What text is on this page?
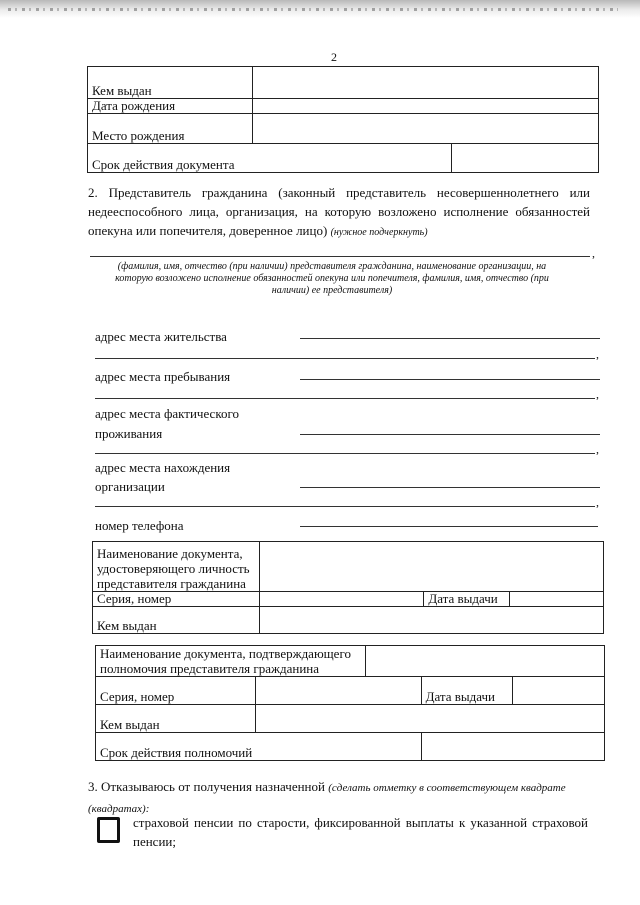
2
Кем выдан		
Дата рождения		
Место рождения		
Срок действия документа		
2. Представитель гражданина (законный представитель несовершеннолетнего или недееспособного лица, организация, на которую возложено исполнение обязанностей опекуна или попечителя, доверенное лицо) (нужное подчеркнуть)
,
(фамилия, имя, отчество (при наличии) представителя гражданина, наименование организации, на
которую возложено исполнение обязанностей опекуна или попечителя, фамилия, имя, отчество (при
наличии) ее представителя)
адрес места жительства
,
адрес места пребывания
,
адрес места фактического
проживания
,
адрес места нахождения
организации
,
номер телефона
Наименование документа,
удостоверяющего личность
представителя гражданина			

Серия, номер		Дата выдачи	
Кем выдан			
Наименование документа, подтверждающего
полномочия представителя гражданина				

Серия, номер			Дата выдачи	
Кем выдан				
Срок действия полномочий				
3. Отказываюсь от получения назначенной (сделать отметку в соответствующем квадрате (квадратах):
страховой пенсии по старости, фиксированной выплаты к указанной страховой пенсии;
